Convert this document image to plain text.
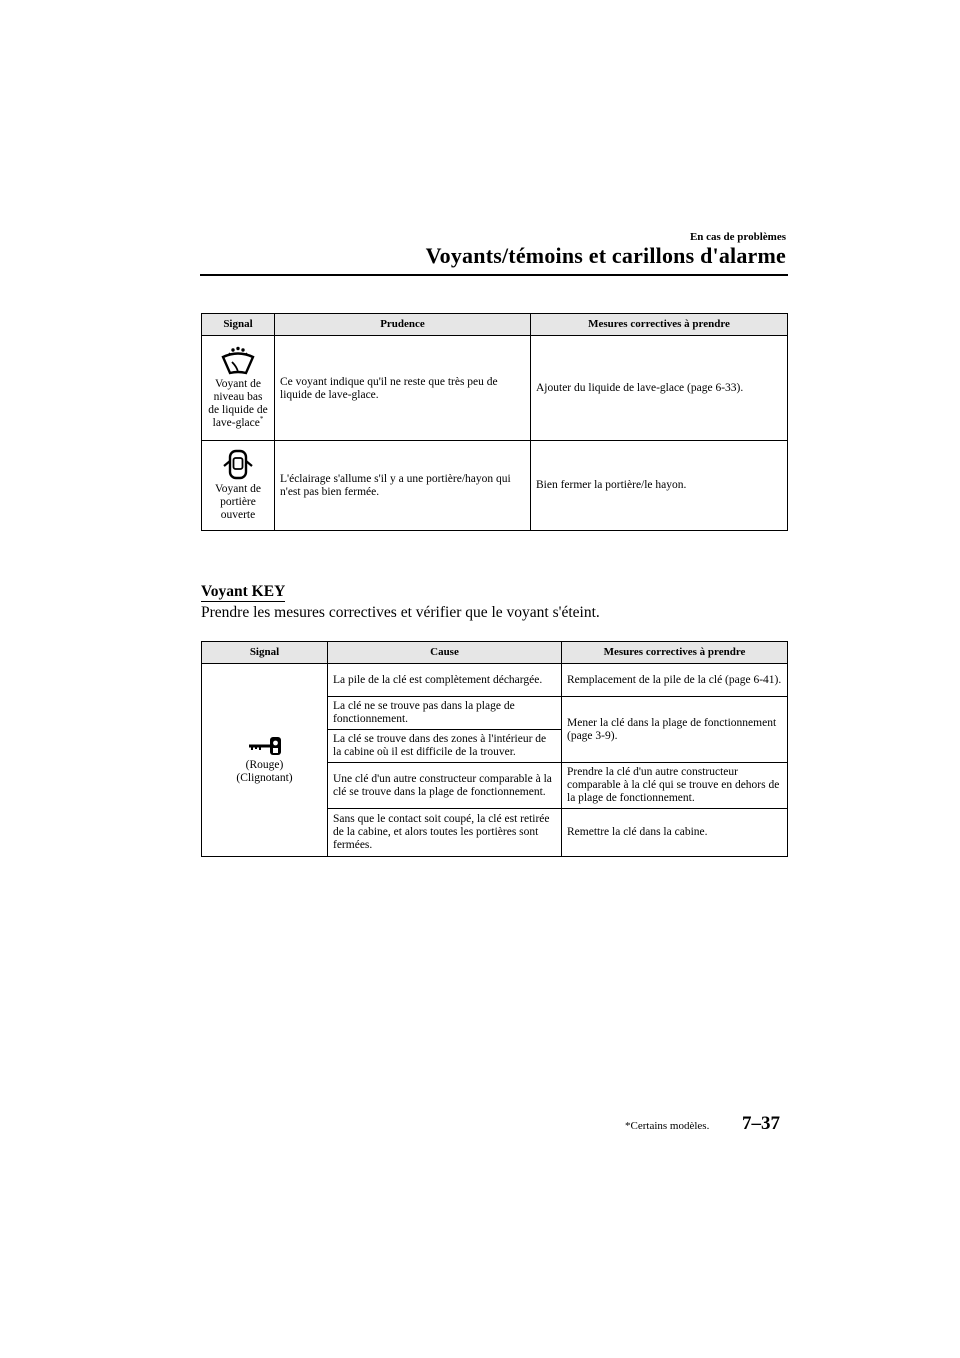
En cas de problèmes
Voyants/témoins et carillons d'alarme
Signal	Prudence	Mesures correctives à prendre

Voyant de
niveau bas
de liquide de
lave-glace*	Ce voyant indique qu'il ne reste que très peu de liquide de lave-glace.	Ajouter du liquide de lave-glace (page 6-33).

Voyant de
portière
ouverte	L'éclairage s'allume s'il y a une portière/hayon qui n'est pas bien fermée.	Bien fermer la portière/le hayon.
Voyant KEY
Prendre les mesures correctives et vérifier que le voyant s'éteint.
Signal	Cause	Mesures correctives à prendre

(Rouge)
(Clignotant)	La pile de la clé est complètement déchargée.	Remplacement de la pile de la clé (page 6-41).
	La clé ne se trouve pas dans la plage de fonctionnement.	Mener la clé dans la plage de fonctionnement (page 3-9).
	La clé se trouve dans des zones à l'intérieur de la cabine où il est difficile de la trouver.	
	Une clé d'un autre constructeur comparable à la clé se trouve dans la plage de fonctionnement.	Prendre la clé d'un autre constructeur comparable à la clé qui se trouve en dehors de la plage de fonctionnement.
	Sans que le contact soit coupé, la clé est retirée de la cabine, et alors toutes les portières sont fermées.	Remettre la clé dans la cabine.
*Certains modèles. 7–37
